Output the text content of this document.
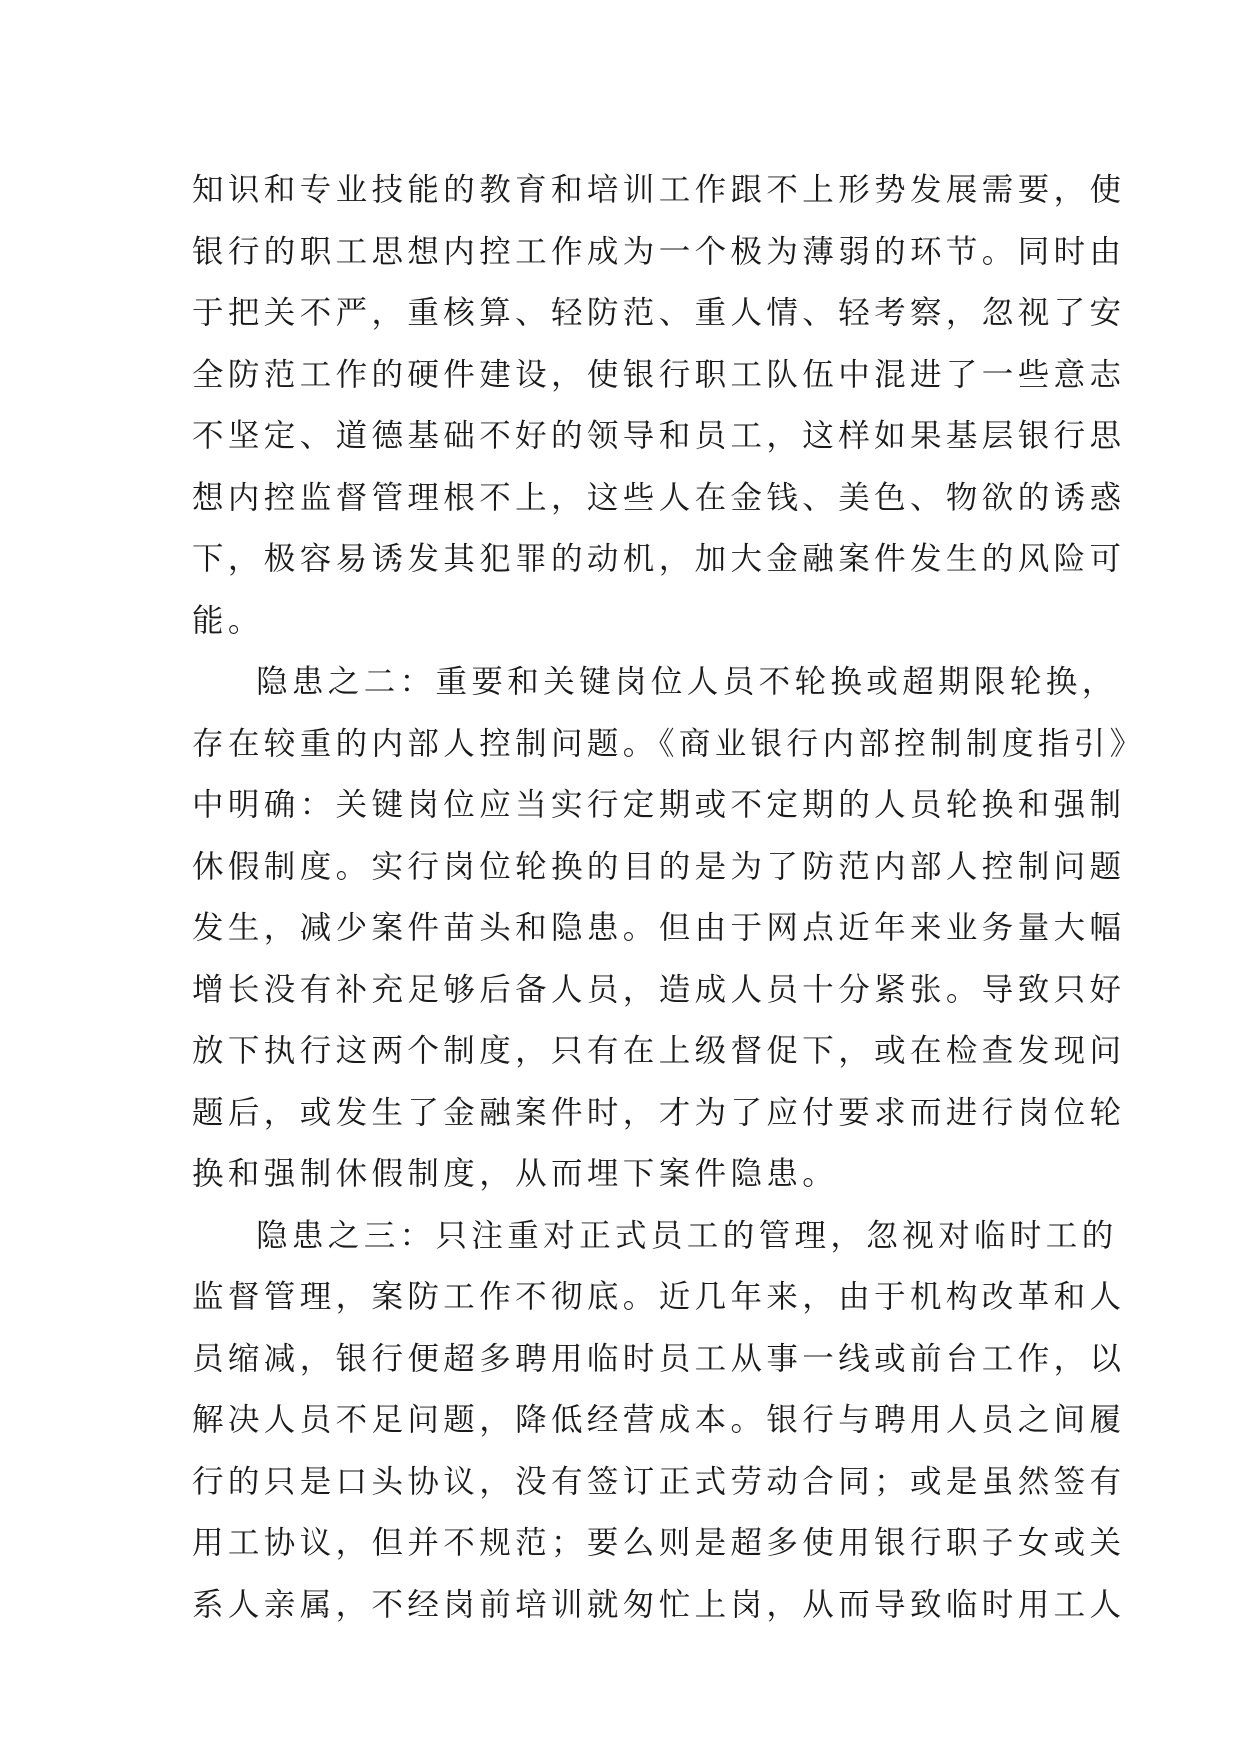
知识和专业技能的教育和培训工作跟不上形势发展需要，使
银行的职工思想内控工作成为一个极为薄弱的环节。同时由
于把关不严，重核算、轻防范、重人情、轻考察，忽视了安
全防范工作的硬件建设，使银行职工队伍中混进了一些意志
不坚定、道德基础不好的领导和员工，这样如果基层银行思
想内控监督管理根不上，这些人在金钱、美色、物欲的诱惑
下，极容易诱发其犯罪的动机，加大金融案件发生的风险可
能。
隐患之二：重要和关键岗位人员不轮换或超期限轮换，
存在较重的内部人控制问题。《商业银行内部控制制度指引》
中明确：关键岗位应当实行定期或不定期的人员轮换和强制
休假制度。实行岗位轮换的目的是为了防范内部人控制问题
发生，减少案件苗头和隐患。但由于网点近年来业务量大幅
增长没有补充足够后备人员，造成人员十分紧张。导致只好
放下执行这两个制度，只有在上级督促下，或在检查发现问
题后，或发生了金融案件时，才为了应付要求而进行岗位轮
换和强制休假制度，从而埋下案件隐患。
隐患之三：只注重对正式员工的管理，忽视对临时工的
监督管理，案防工作不彻底。近几年来，由于机构改革和人
员缩减，银行便超多聘用临时员工从事一线或前台工作，以
解决人员不足问题，降低经营成本。银行与聘用人员之间履
行的只是口头协议，没有签订正式劳动合同；或是虽然签有
用工协议，但并不规范；要么则是超多使用银行职子女或关
系人亲属，不经岗前培训就匆忙上岗，从而导致临时用工人
